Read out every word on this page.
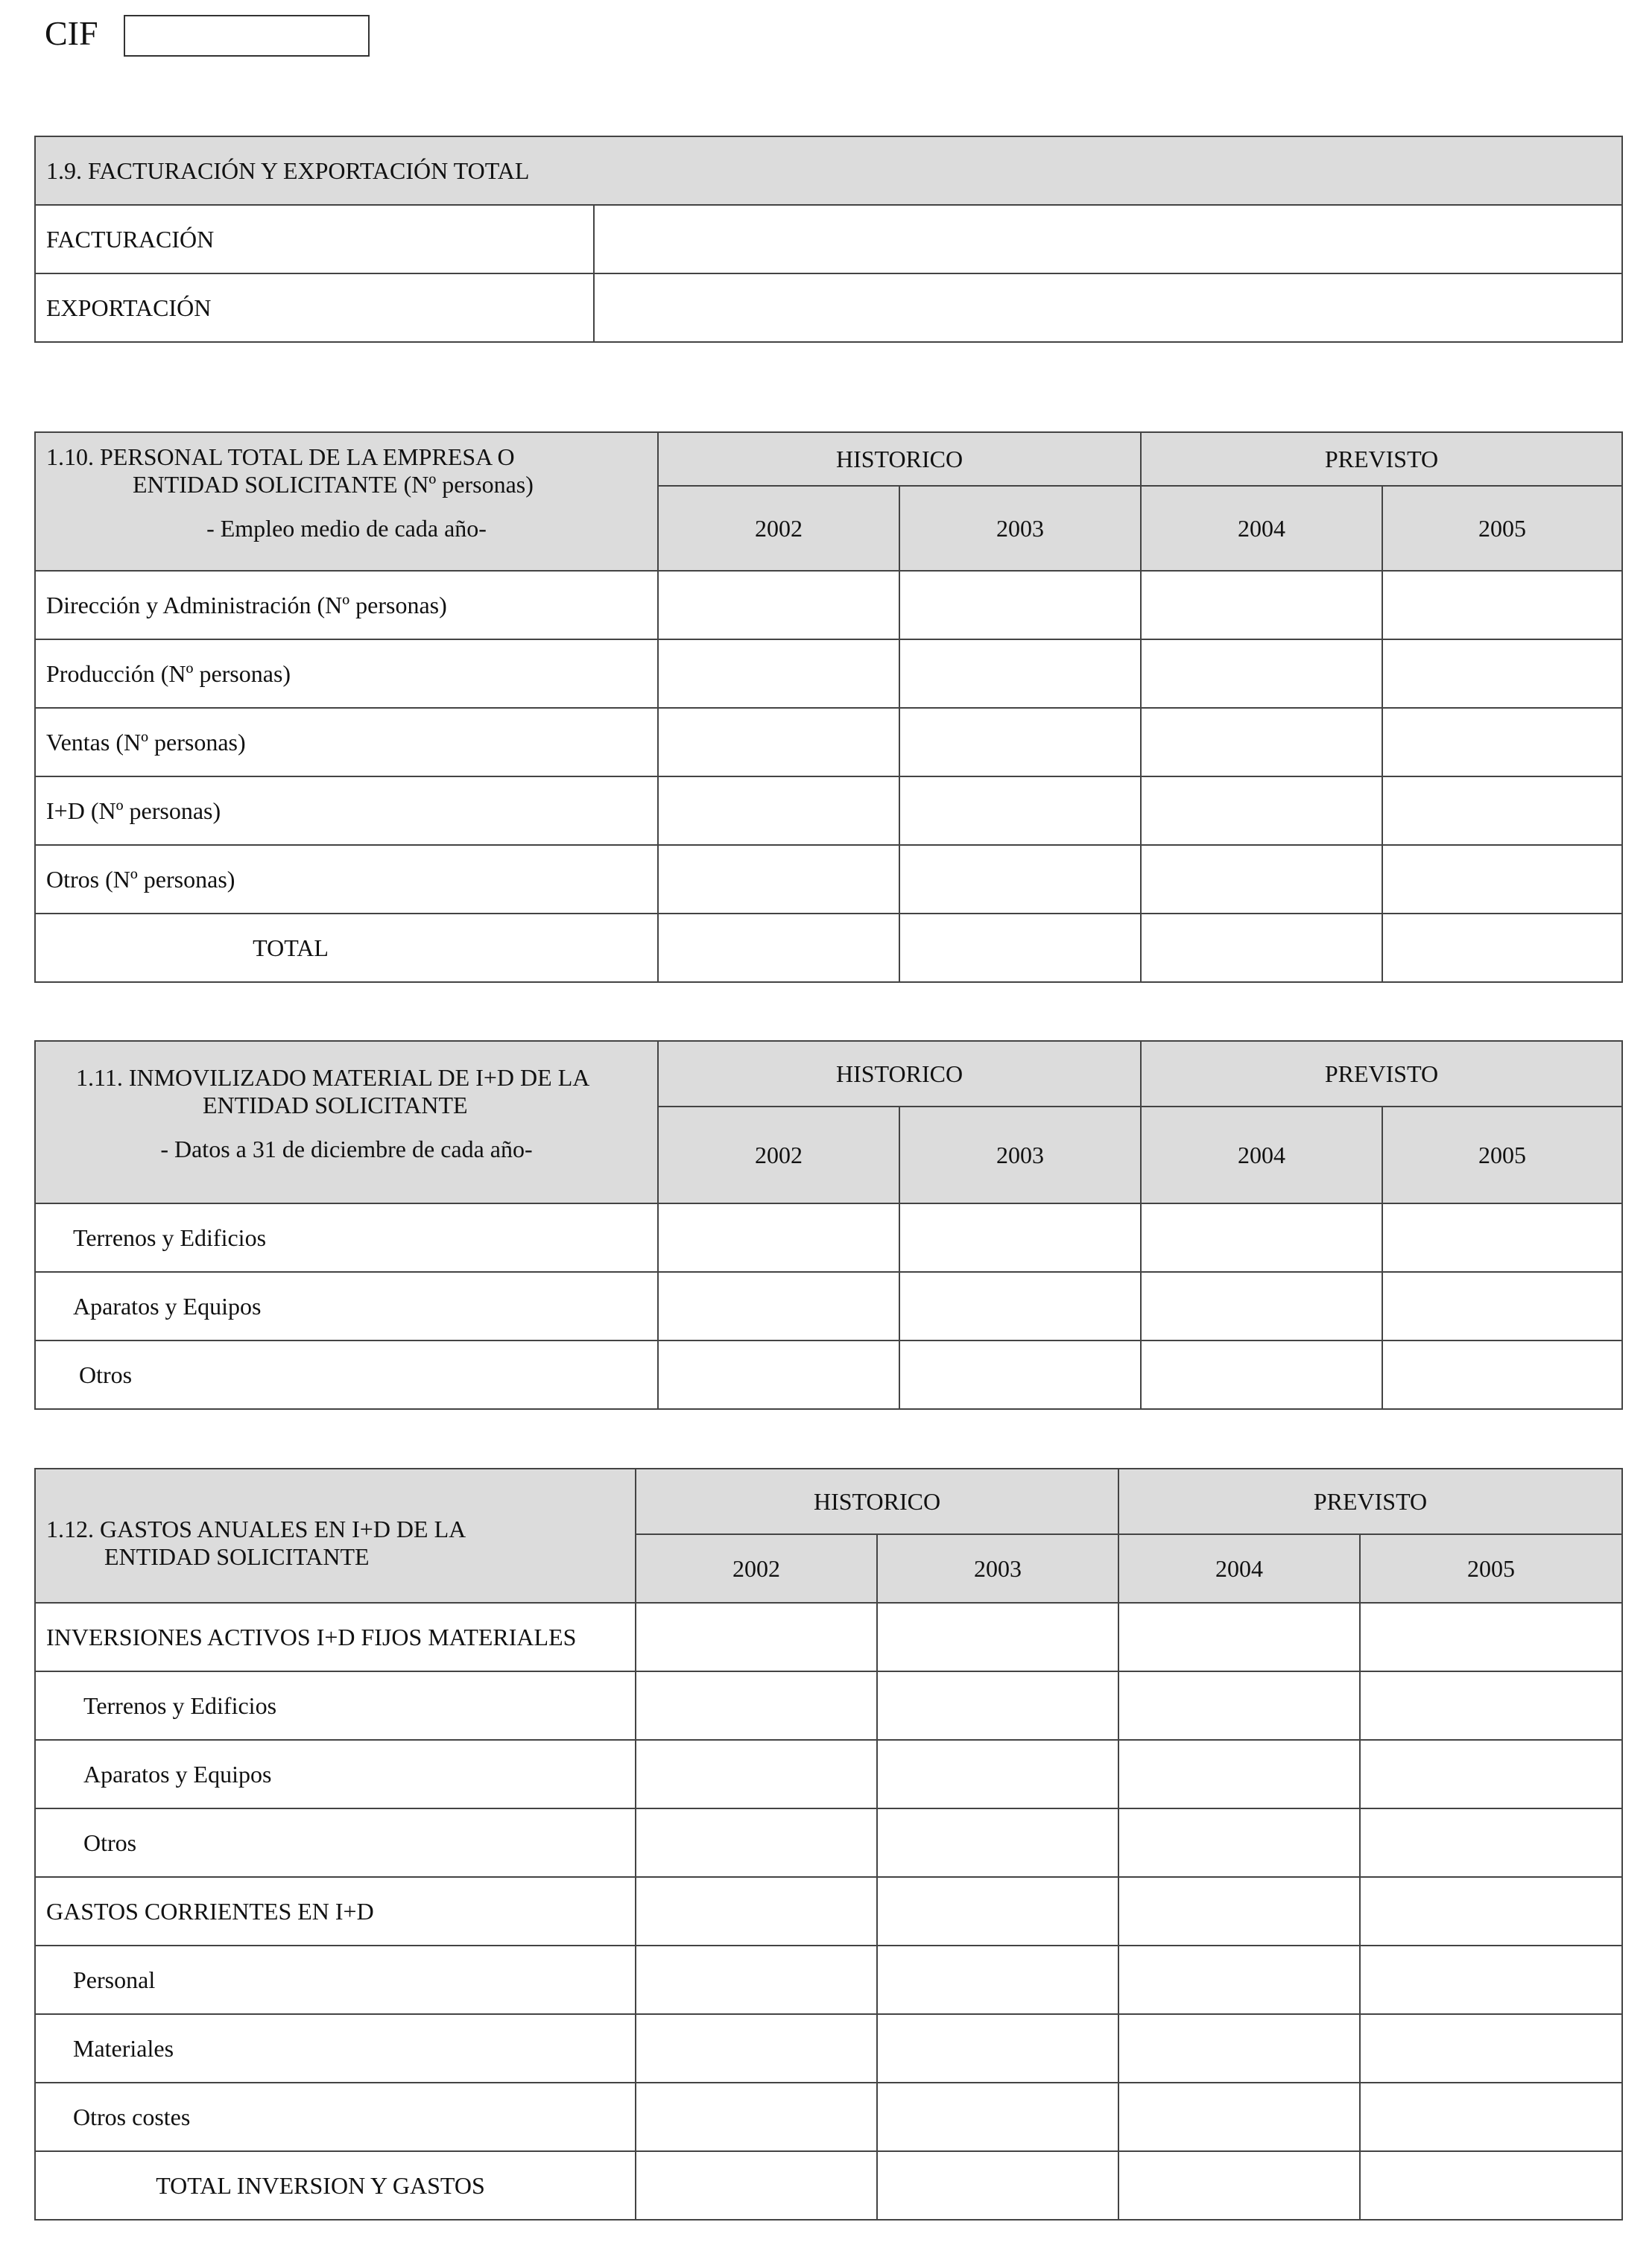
CIF
1.9. FACTURACIÓN Y EXPORTACIÓN TOTAL	
FACTURACIÓN	
EXPORTACIÓN	
1.10. PERSONAL TOTAL DE LA EMPRESA O
ENTIDAD SOLICITANTE (Nº personas)
- Empleo medio de cada año-	HISTORICO		PREVISTO	
	2002	2003	2004	2005
Dirección y Administración (Nº personas)				
Producción (Nº personas)				
Ventas (Nº personas)				
I+D (Nº personas)				
Otros (Nº personas)				
TOTAL				
1.11. INMOVILIZADO MATERIAL DE I+D DE LA
ENTIDAD SOLICITANTE
- Datos a 31 de diciembre de cada año-	HISTORICO		PREVISTO	
	2002	2003	2004	2005
Terrenos y Edificios				
Aparatos y Equipos				
Otros				
1.12. GASTOS ANUALES EN I+D DE LA
ENTIDAD SOLICITANTE	HISTORICO		PREVISTO	
	2002	2003	2004	2005
INVERSIONES ACTIVOS I+D FIJOS MATERIALES				
Terrenos y Edificios				
Aparatos y Equipos				
Otros				
GASTOS CORRIENTES EN I+D				
Personal				
Materiales				
Otros costes				
TOTAL INVERSION Y GASTOS				
